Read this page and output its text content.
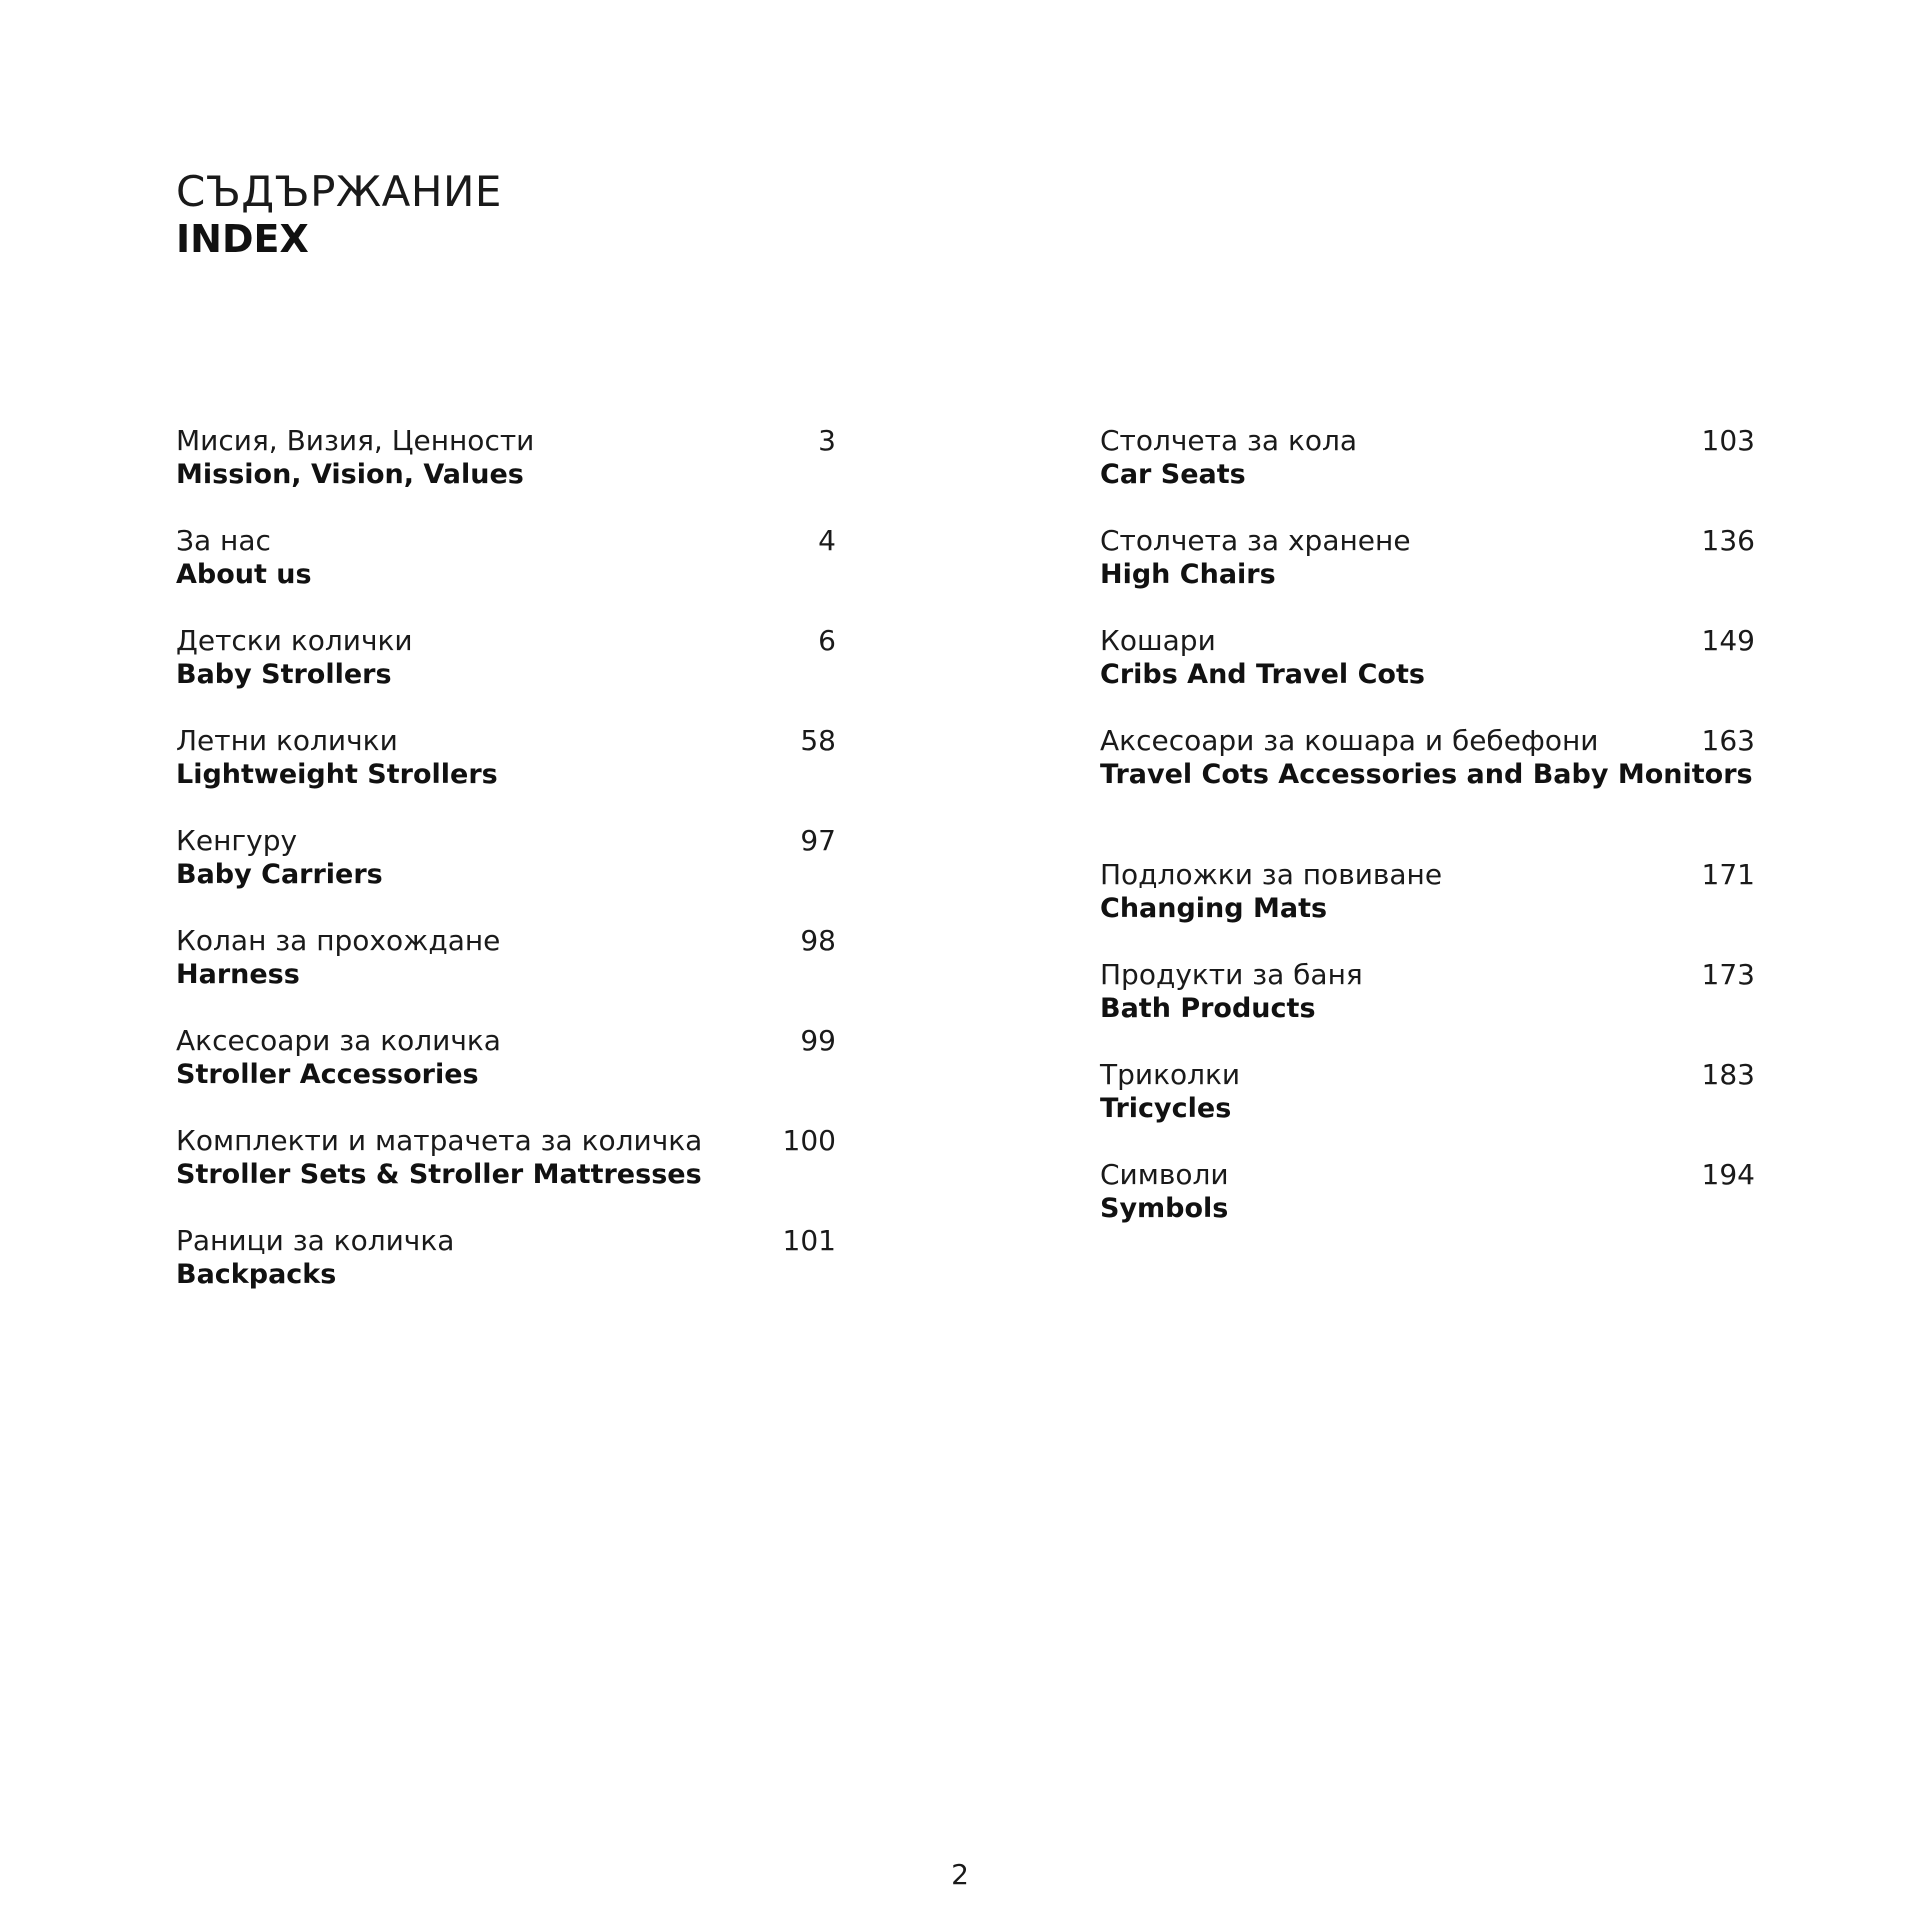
СЪДЪРЖАНИЕ
INDEX
Мисия, Визия, Ценности
Mission, Vision, Values
3
За нас
About us
4
Детски колички
Baby Strollers
6
Летни колички
Lightweight Strollers
58
Кенгуру
Baby Carriers
97
Колан за прохождане
Harness
98
Аксесоари за количка
Stroller Accessories
99
Комплекти и матрачета за количка
Stroller Sets & Stroller Mattresses
100
Раници за количка
Backpacks
101
Столчета за кола
Car Seats
103
Столчета за хранене
High Chairs
136
Кошари
Cribs And Travel Cots
149
Аксесоари за кошара и бебефони
Travel Cots Accessories and Baby Monitors
163
Подложки за повиване
Changing Mats
171
Продукти за баня
Bath Products
173
Триколки
Tricycles
183
Символи
Symbols
194
2
